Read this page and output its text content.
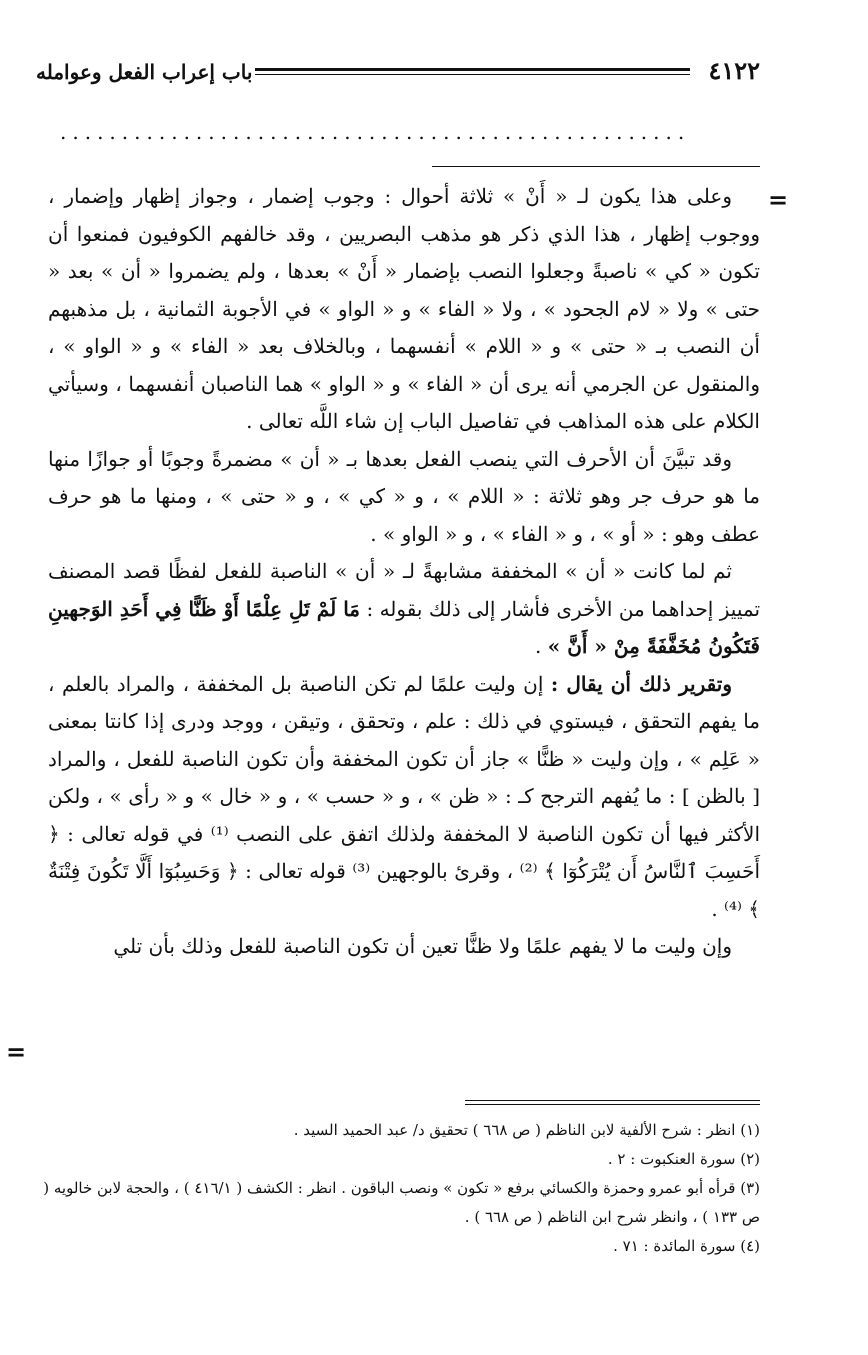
باب إعراب الفعل وعوامله	٤١٢٢
...................................................
=

وعلى هذا يكون لـ « أَنْ » ثلاثة أحوال : وجوب إضمار ، وجواز إظهار وإضمار ، ووجوب إظهار ، هذا الذي ذكر هو مذهب البصريين ، وقد خالفهم الكوفيون فمنعوا أن تكون « كي » ناصبةً وجعلوا النصب بإضمار « أَنْ » بعدها ، ولم يضمروا « أن » بعد « حتى » ولا « لام الجحود » ، ولا « الفاء » و « الواو » في الأجوبة الثمانية ، بل مذهبهم أن النصب بـ « حتى » و « اللام » أنفسهما ، وبالخلاف بعد « الفاء » و « الواو » ، والمنقول عن الجرمي أنه يرى أن « الفاء » و « الواو » هما الناصبان أنفسهما ، وسيأتي الكلام على هذه المذاهب في تفاصيل الباب إن شاء اللَّه تعالى .

وقد تبيَّنَ أن الأحرف التي ينصب الفعل بعدها بـ « أن » مضمرةً وجوبًا أو جوازًا منها ما هو حرف جر وهو ثلاثة : « اللام » ، و « كي » ، و « حتى » ، ومنها ما هو حرف عطف وهو : « أو » ، و « الفاء » ، و « الواو » .

ثم لما كانت « أن » المخففة مشابهةً لـ « أن » الناصبة للفعل لفظًا قصد المصنف تمييز إحداهما من الأخرى فأشار إلى ذلك بقوله : مَا لَمْ تَلِ عِلْمًا أَوْ ظَنًّا فِي أَحَدِ الوَجهينِ فَتَكُونُ مُخَفَّفَةً مِنْ « أَنَّ » .

وتقرير ذلك أن يقال : إن وليت علمًا لم تكن الناصبة بل المخففة ، والمراد بالعلم ، ما يفهم التحقق ، فيستوي في ذلك : علم ، وتحقق ، وتيقن ، ووجد ودرى إذا كانتا بمعنى « عَلِم » ، وإن وليت « ظنًّا » جاز أن تكون المخففة وأن تكون الناصبة للفعل ، والمراد [ بالظن ] : ما يُفهم الترجح كـ : « ظن » ، و « حسب » ، و « خال » و « رأى » ، ولكن الأكثر فيها أن تكون الناصبة لا المخففة ولذلك اتفق على النصب ⁽¹⁾ في قوله تعالى : ﴿ أَحَسِبَ ٱلنَّاسُ أَن يُتْرَكُوٓا ﴾ ⁽²⁾ ، وقرئ بالوجهين ⁽³⁾ قوله تعالى : ﴿ وَحَسِبُوٓا أَلَّا تَكُونَ فِتْنَةٌ ﴾ ⁽⁴⁾ .

وإن وليت ما لا يفهم علمًا ولا ظنًّا تعين أن تكون الناصبة للفعل وذلك بأن تلي

=
(١) انظر : شرح الألفية لابن الناظم ( ص ٦٦٨ ) تحقيق د/ عبد الحميد السيد .
(٢) سورة العنكبوت : ٢ .
(٣) قرأه أبو عمرو وحمزة والكسائي برفع « تكون » ونصب الباقون . انظر : الكشف ( ٤١٦/١ ) ، والحجة لابن خالويه ( ص ١٣٣ ) ، وانظر شرح ابن الناظم ( ص ٦٦٨ ) .
(٤) سورة المائدة : ٧١ .
